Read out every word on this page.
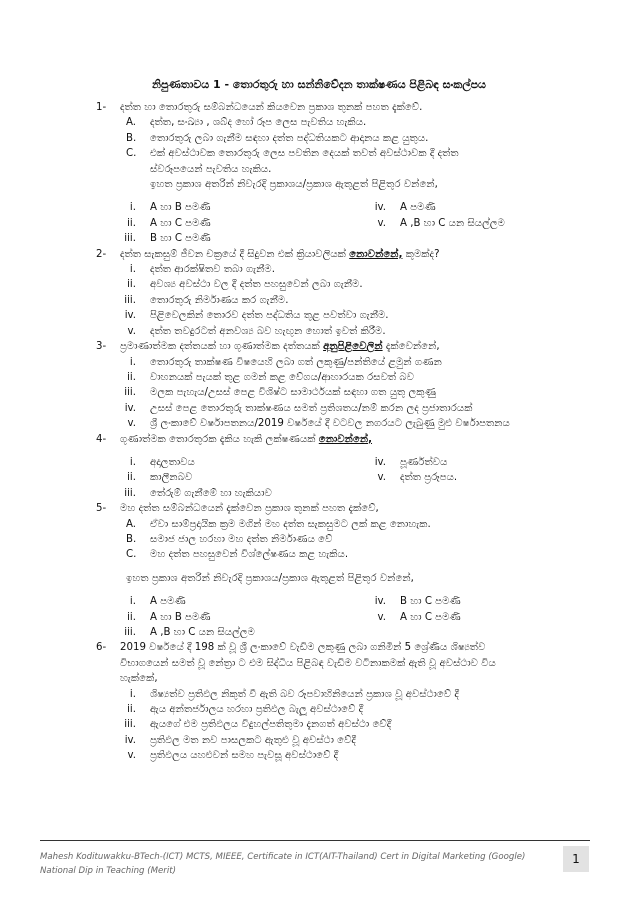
නිපුණතාවය 1 - තොරතුරු හා සන්නිවේදන තාක්ෂණය පිළිබඳ සංකල්පය
1- දත්ත හා තොරතුරු සම්බන්ධයෙන් කියවෙන ප්‍රකාශ තුනක් පහත දැක්වේ.
A.	දත්ත, සංඛ්‍යා , ශබ්ද හෝ රූප ලෙස පැවතිය හැකිය.
B.	තොරතුරු ලබා ගැනීම සඳහා දත්ත පද්ධතියකට ආදානය කළ යුතුය.
C.	එක් අවස්ථාවක තොරතුරු ලෙස පවතින දෙයක් තවත් අවස්ථාවක දී දත්ත
ස්වරූපයෙන් පැවතිය හැකිය.
ඉහත ප්‍රකාශ අතරින් නිවැරදි ප්‍රකාශය/ප්‍රකාශ ඇතුළත් පිළිතුර වන්නේ,
i. A හා B පමණි	iv. A පමණි
ii. A හා C පමණි	v. A ,B හා C යන සියල්ලම
iii. B හා C පමණි
2- දත්ත සැකසුම් ජීවන චක්‍රයේ දී සිදුවන එක් ක්‍රියාවලියක් නොවන්නේ, කුමක්ද?
i. දත්ත ආරක්ෂිතව තබා ගැනීම.
ii. අවශ්‍ය අවස්ථා වල දී දත්ත පහසුවෙන් ලබා ගැනීම.
iii. තොරතුරු නිර්මාණය කර ගැනීම.
iv. පිළිවෙලකින් තොරව දත්ත පද්ධතිය තුළ පවත්වා ගැනීම.
v. දත්ත තවදුරටත් අනවශ්‍ය බව හැඟුන හොත් ඉවත් කිරීම.
3- ප්‍රමාණාත්මක දත්තයක් හා ගුණාත්මක දත්තයක් අනුපිළිවෙලින් දැක්වෙන්නේ,
i. තොරතුරු තාක්ෂණ විෂයෙහි ලබා ගත් ලකුණු/පන්තියේ ළමුන් ගණන
ii. වාහනයක් පැයක් තුළ ගමන් කළ වේගය/ආහාරයක රසවත් බව
iii. මලක පැහැය/උසස් පෙළ විශිෂ්ට සාමාර්ථයක් සඳහා ගත යුතු ලකුණු
iv. උසස් පෙළ තොරතුරු තාක්ෂණය සමත් ප්‍රතිශතය/නම් කරන ලද ප්‍රජාතාරයක්
v. ශ්‍රී ලංකාවේ වර්ෂාපතනය/2019 වර්ෂයේ දී වටවල නගරයට ලැබුණු මුළු වර්ෂාපතනය
4- ගුණාත්මක තොරතුරක දැකිය හැකි ලක්ෂණයක් නොවන්නේ,
i. අදාලතාවය	iv. පූර්ණත්වය
ii. කාලීනබව	v. දත්ත ප්‍රරූපය.
iii. තේරුම් ගැනීමේ හා හැකියාව
5- මහ දත්ත සම්බන්ධයෙන් දැක්වෙන ප්‍රකාශ තුනක් පහත දැක්වේ,
A.	ඒවා සාම්ප්‍රදායික ක්‍රම මගින් මහ දත්ත සැකසුමට ලක් කළ නොහැක.
B.	සමාජ ජාල හරහා මහ දත්ත නිර්මාණය වේ
C.	මහ දත්ත පහසුවෙන් විශ්ලේෂණය කළ හැකිය.
ඉහත ප්‍රකාශ අතරින් නිවැරදි ප්‍රකාශය/ප්‍රකාශ ඇතුළත් පිළිතුර වන්නේ,
i. A පමණි	iv. B හා C පමණි
ii. A හා B පමණි	v. A හා C පමණි
iii. A ,B හා C යන සියල්ලම
6- 2019 වර්ෂයේ දී 198 ක් වූ ශ්‍රී ලංකාවේ වැඩිම ලකුණු ලබා ගනිමින් 5 ශ්‍රේණිය ශිෂ්‍යත්ව
විභාගයෙන් සමත් වූ නේත්‍රා ට එම සිද්ධිය පිළිබඳ වැඩිම වටිනාකමක් ඇති වූ අවස්ථාව විය
හැක්කේ,
i. ශිෂ්‍යත්ව ප්‍රතිඵල නිකුත් වී ඇති බව රූපවාහිනියෙන් ප්‍රකාශ වූ අවස්ථාවේ දී
ii. ඇය අන්තර්ජාලය හරහා ප්‍රතිඵල බැලූ අවස්ථාවේ දී
iii. ඇයගේ එම ප්‍රතිඵලය විදුහල්පතිතුමා දැනගත් අවස්ථා වේදී
iv. ප්‍රතිඵල මත නව පාසලකට ඇතුළු වූ අවස්ථා වේදී
v. ප්‍රතිඵලය යහළුවන් සමහ පැවසූ අවස්ථාවේ දී
Mahesh Kodituwakku-BTech-(ICT) MCTS, MIEEE, Certificate in ICT(AIT-Thailand) Cert in Digital Marketing (Google)
National Dip in Teaching (Merit)
1
